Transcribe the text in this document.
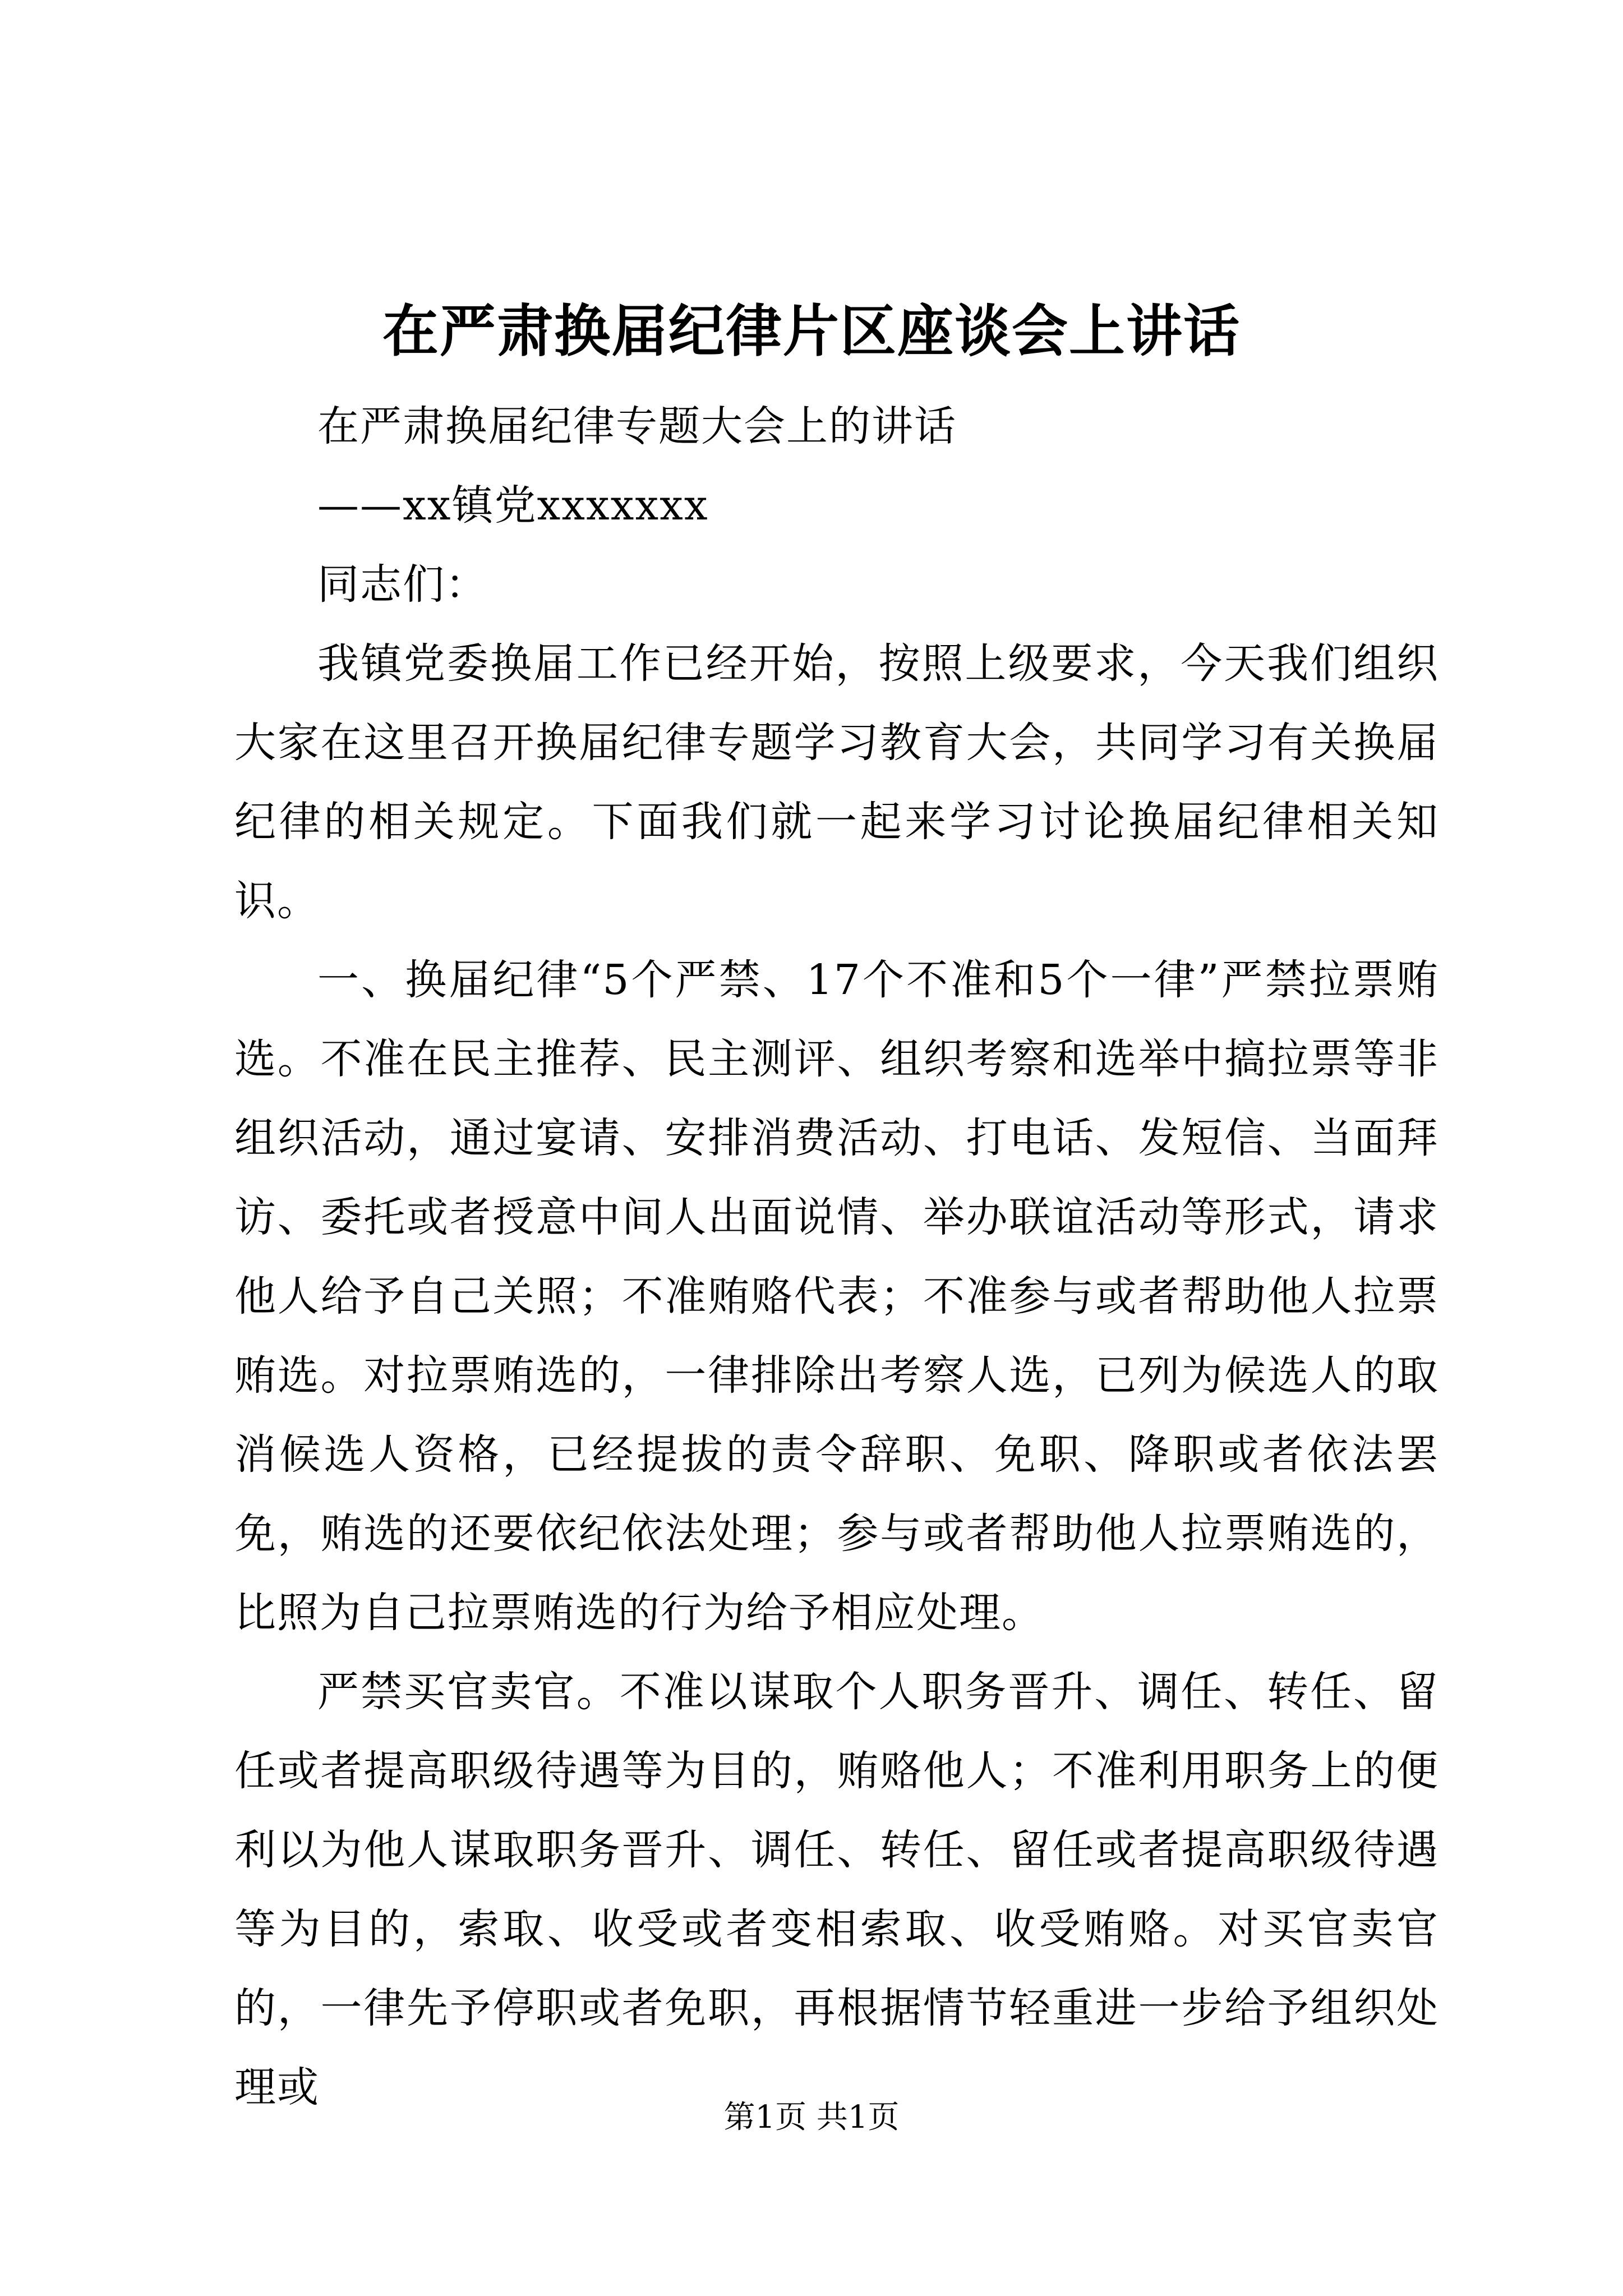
在严肃换届纪律片区座谈会上讲话

在严肃换届纪律专题大会上的讲话

——xx镇党xxxxxxx

同志们：

我镇党委换届工作已经开始，按照上级要求，今天我们组织大家在这里召开换届纪律专题学习教育大会，共同学习有关换届纪律的相关规定。下面我们就一起来学习讨论换届纪律相关知识。

一、换届纪律“5个严禁、17个不准和5个一律”严禁拉票贿选。不准在民主推荐、民主测评、组织考察和选举中搞拉票等非组织活动，通过宴请、安排消费活动、打电话、发短信、当面拜访、委托或者授意中间人出面说情、举办联谊活动等形式，请求他人给予自己关照；不准贿赂代表；不准参与或者帮助他人拉票贿选。对拉票贿选的，一律排除出考察人选，已列为候选人的取消候选人资格，已经提拔的责令辞职、免职、降职或者依法罢免，贿选的还要依纪依法处理；参与或者帮助他人拉票贿选的，比照为自己拉票贿选的行为给予相应处理。

严禁买官卖官。不准以谋取个人职务晋升、调任、转任、留任或者提高职级待遇等为目的，贿赂他人；不准利用职务上的便利以为他人谋取职务晋升、调任、转任、留任或者提高职级待遇等为目的，索取、收受或者变相索取、收受贿赂。对买官卖官的，一律先予停职或者免职，再根据情节轻重进一步给予组织处理或

第1页 共1页
